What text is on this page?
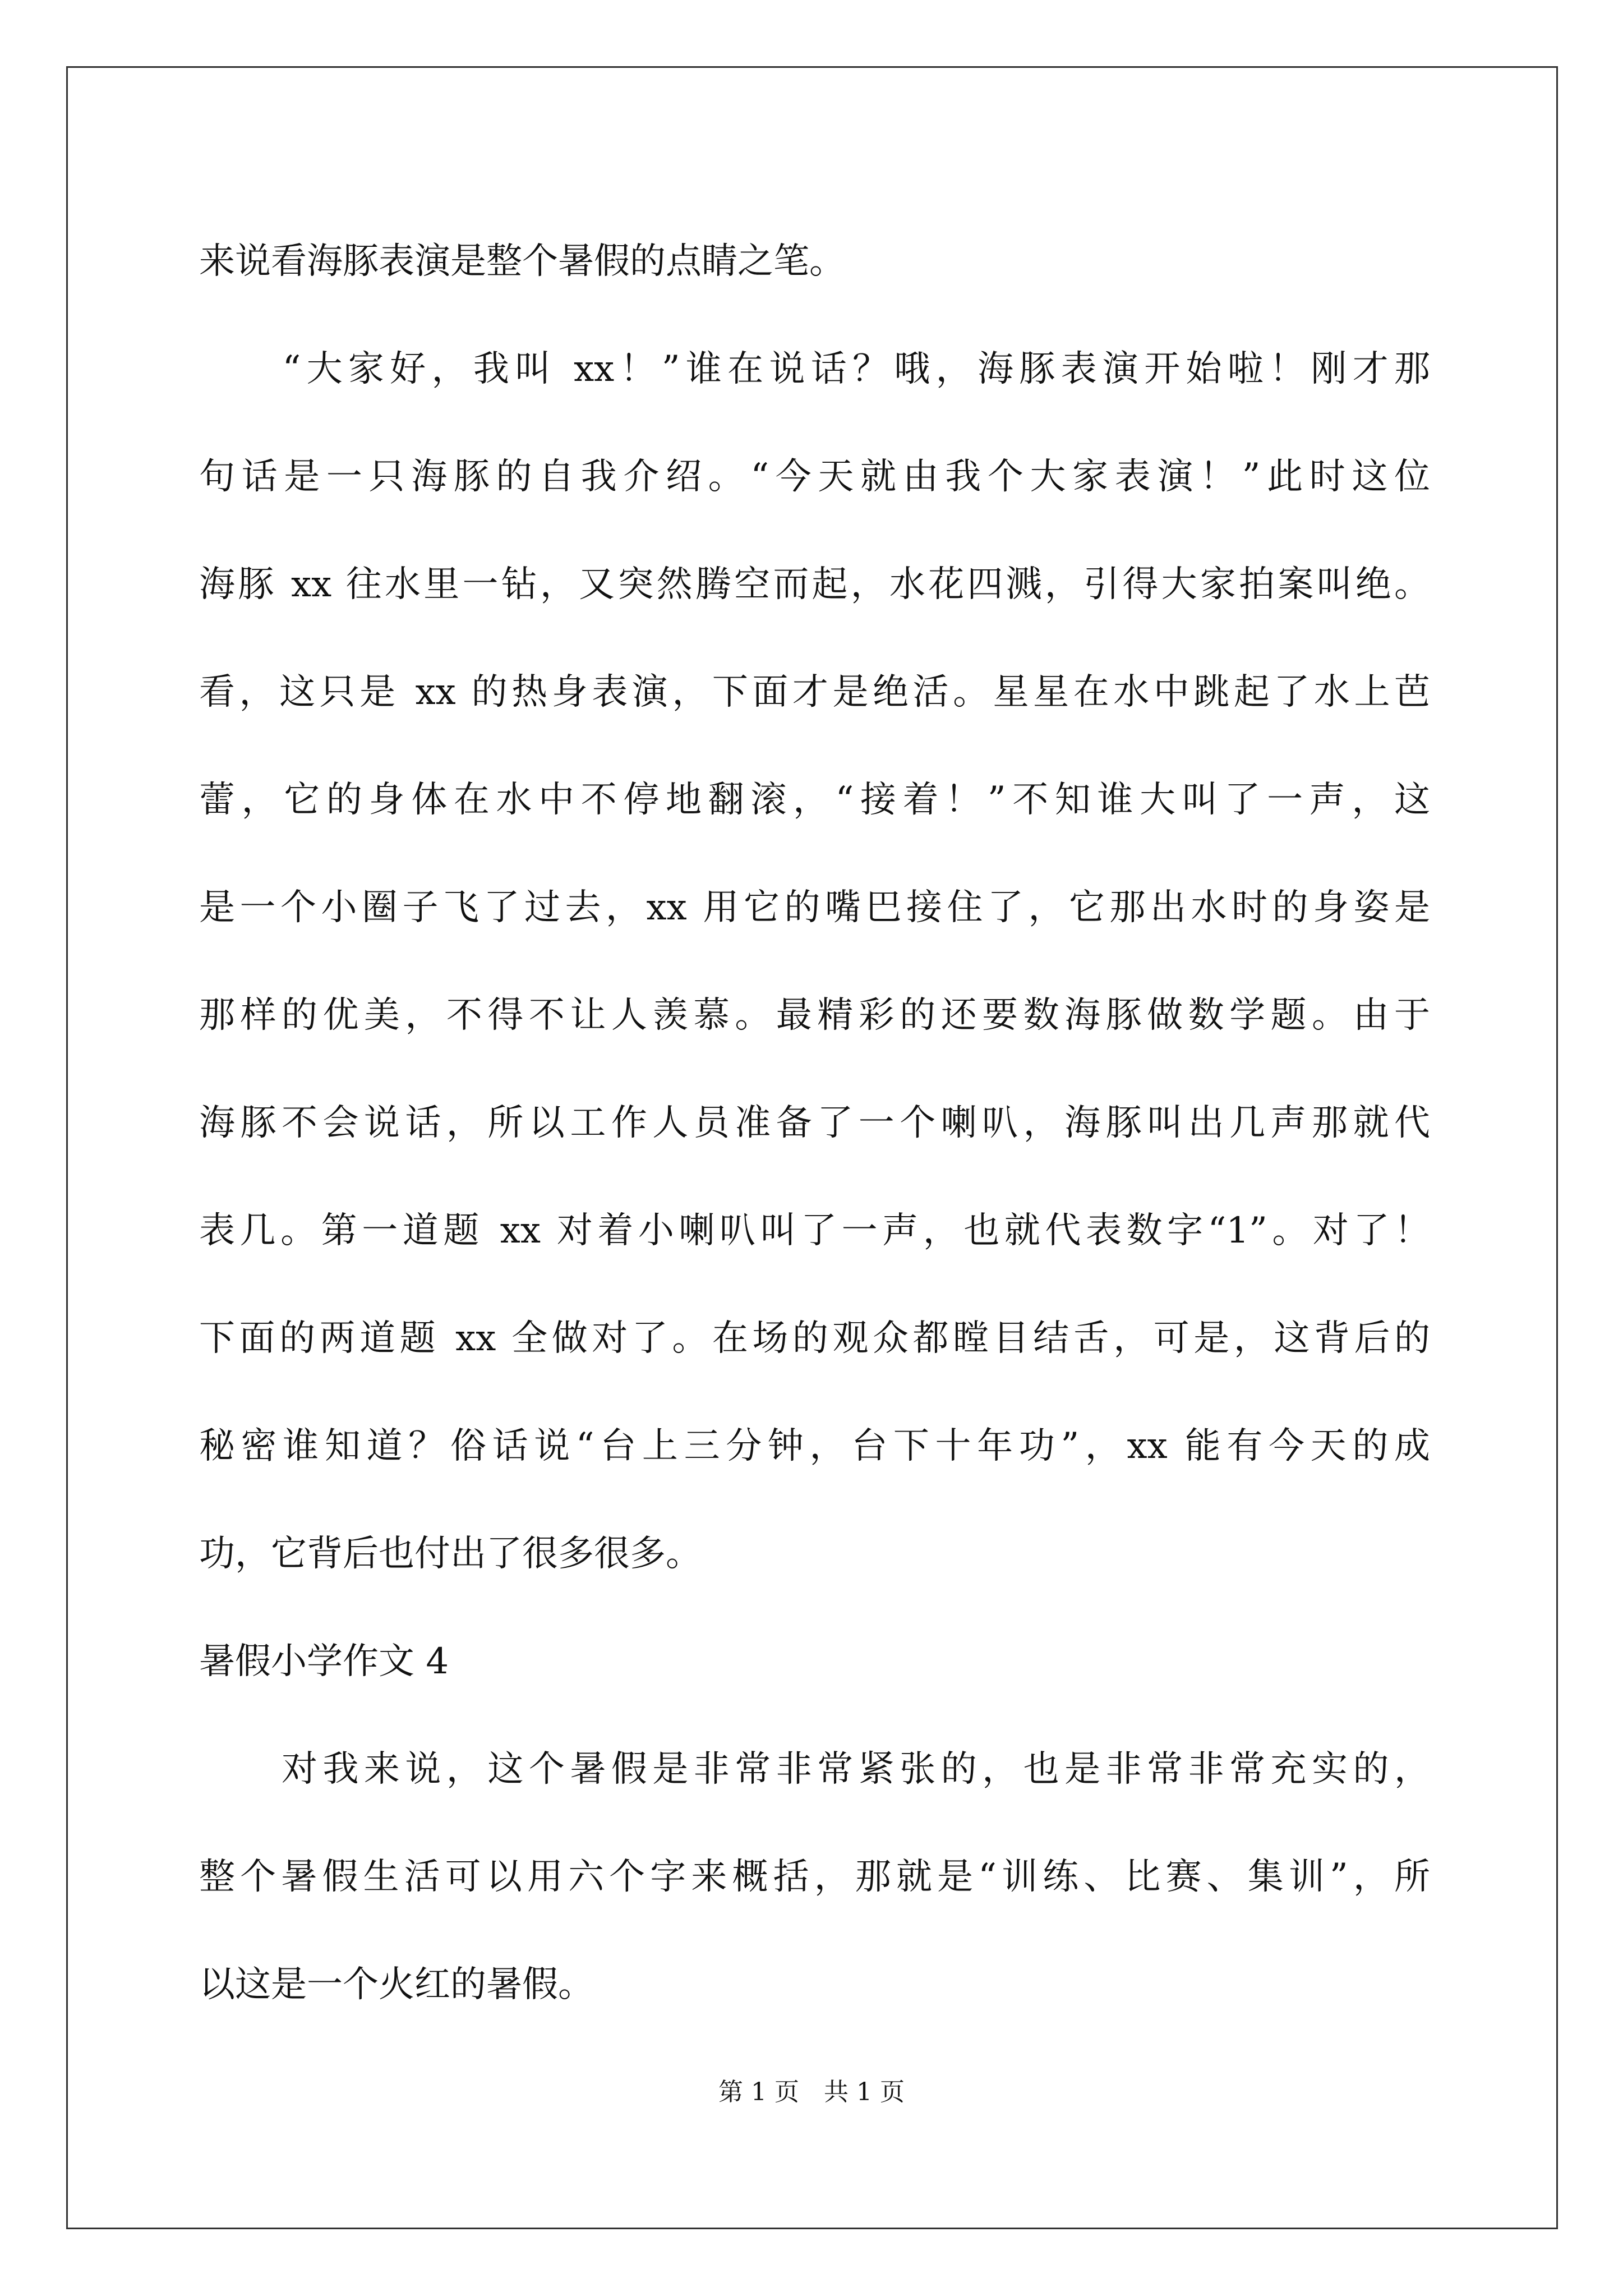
来说看海豚表演是整个暑假的点睛之笔。
　　“大家好，我叫 xx！”谁在说话？哦，海豚表演开始啦！刚才那
句话是一只海豚的自我介绍。“今天就由我个大家表演！”此时这位
海豚 xx 往水里一钻，又突然腾空而起，水花四溅，引得大家拍案叫绝。
看，这只是 xx 的热身表演，下面才是绝活。星星在水中跳起了水上芭
蕾，它的身体在水中不停地翻滚，“接着！”不知谁大叫了一声，这
是一个小圈子飞了过去，xx 用它的嘴巴接住了，它那出水时的身姿是
那样的优美，不得不让人羡慕。最精彩的还要数海豚做数学题。由于
海豚不会说话，所以工作人员准备了一个喇叭，海豚叫出几声那就代
表几。第一道题 xx 对着小喇叭叫了一声，也就代表数字“1”。对了！
下面的两道题 xx 全做对了。在场的观众都瞠目结舌，可是，这背后的
秘密谁知道？俗话说“台上三分钟，台下十年功”，xx 能有今天的成
功，它背后也付出了很多很多。
暑假小学作文 4
　　对我来说，这个暑假是非常非常紧张的，也是非常非常充实的，
整个暑假生活可以用六个字来概括，那就是“训练、比赛、集训”，所
以这是一个火红的暑假。
第 1 页　共 1 页
